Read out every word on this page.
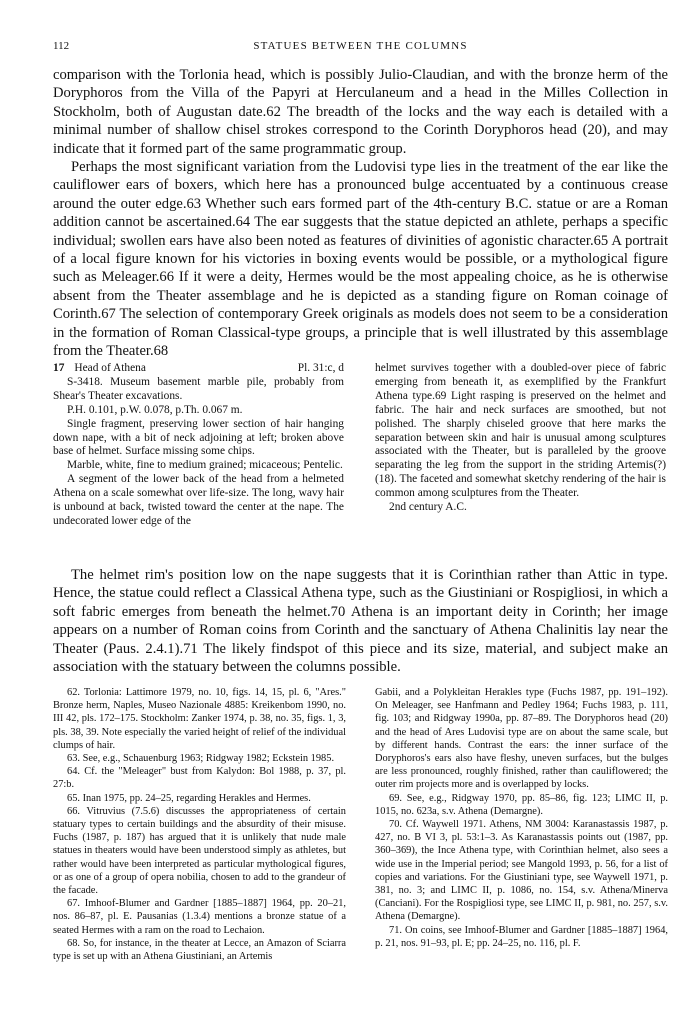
112	STATUES BETWEEN THE COLUMNS

comparison with the Torlonia head, which is possibly Julio-Claudian, and with the bronze herm of the Doryphoros from the Villa of the Papyri at Herculaneum and a head in the Milles Collection in Stockholm, both of Augustan date.62 The breadth of the locks and the way each is detailed with a minimal number of shallow chisel strokes correspond to the Corinth Doryphoros head (20), and may indicate that it formed part of the same programmatic group.

Perhaps the most significant variation from the Ludovisi type lies in the treatment of the ear like the cauliflower ears of boxers, which here has a pronounced bulge accentuated by a continuous crease around the outer edge.63 Whether such ears formed part of the 4th-century B.C. statue or are a Roman addition cannot be ascertained.64 The ear suggests that the statue depicted an athlete, perhaps a specific individual; swollen ears have also been noted as features of divinities of agonistic character.65 A portrait of a local figure known for his victories in boxing events would be possible, or a mythological figure such as Meleager.66 If it were a deity, Hermes would be the most appealing choice, as he is otherwise absent from the Theater assemblage and he is depicted as a standing figure on Roman coinage of Corinth.67 The selection of contemporary Greek originals as models does not seem to be a consideration in the formation of Roman Classical-type groups, a principle that is well illustrated by this assemblage from the Theater.68

17 Head of Athena	Pl. 31:c, d

S-3418. Museum basement marble pile, probably from Shear's Theater excavations.

P.H. 0.101, p.W. 0.078, p.Th. 0.067 m.

Single fragment, preserving lower section of hair hanging down nape, with a bit of neck adjoining at left; broken above base of helmet. Surface missing some chips.

Marble, white, fine to medium grained; micaceous; Pentelic.

A segment of the lower back of the head from a helmeted Athena on a scale somewhat over life-size. The long, wavy hair is unbound at back, twisted toward the center at the nape. The undecorated lower edge of the

helmet survives together with a doubled-over piece of fabric emerging from beneath it, as exemplified by the Frankfurt Athena type.69 Light rasping is preserved on the helmet and fabric. The hair and neck surfaces are smoothed, but not polished. The sharply chiseled groove that here marks the separation between skin and hair is unusual among sculptures associated with the Theater, but is paralleled by the groove separating the leg from the support in the striding Artemis(?) (18). The faceted and somewhat sketchy rendering of the hair is common among sculptures from the Theater.

2nd century A.C.

The helmet rim's position low on the nape suggests that it is Corinthian rather than Attic in type. Hence, the statue could reflect a Classical Athena type, such as the Giustiniani or Rospigliosi, in which a soft fabric emerges from beneath the helmet.70 Athena is an important deity in Corinth; her image appears on a number of Roman coins from Corinth and the sanctuary of Athena Chalinitis lay near the Theater (Paus. 2.4.1).71 The likely findspot of this piece and its size, material, and subject make an association with the statuary between the columns possible.

62. Torlonia: Lattimore 1979, no. 10, figs. 14, 15, pl. 6, "Ares." Bronze herm, Naples, Museo Nazionale 4885: Kreikenbom 1990, no. III 42, pls. 172–175. Stockholm: Zanker 1974, p. 38, no. 35, figs. 1, 3, pls. 38, 39. Note especially the varied height of relief of the individual clumps of hair.

63. See, e.g., Schauenburg 1963; Ridgway 1982; Eckstein 1985.

64. Cf. the "Meleager" bust from Kalydon: Bol 1988, p. 37, pl. 27:b.

65. Inan 1975, pp. 24–25, regarding Herakles and Hermes.

66. Vitruvius (7.5.6) discusses the appropriateness of certain statuary types to certain buildings and the absurdity of their misuse. Fuchs (1987, p. 187) has argued that it is unlikely that nude male statues in theaters would have been understood simply as athletes, but rather would have been interpreted as particular mythological figures, or as one of a group of opera nobilia, chosen to add to the grandeur of the facade.

67. Imhoof-Blumer and Gardner [1885–1887] 1964, pp. 20–21, nos. 86–87, pl. E. Pausanias (1.3.4) mentions a bronze statue of a seated Hermes with a ram on the road to Lechaion.

68. So, for instance, in the theater at Lecce, an Amazon of Sciarra type is set up with an Athena Giustiniani, an Artemis

Gabii, and a Polykleitan Herakles type (Fuchs 1987, pp. 191–192). On Meleager, see Hanfmann and Pedley 1964; Fuchs 1983, p. 111, fig. 103; and Ridgway 1990a, pp. 87–89. The Doryphoros head (20) and the head of Ares Ludovisi type are on about the same scale, but by different hands. Contrast the ears: the inner surface of the Doryphoros's ears also have fleshy, uneven surfaces, but the bulges are less pronounced, roughly finished, rather than cauliflowered; the outer rim projects more and is overlapped by locks.

69. See, e.g., Ridgway 1970, pp. 85–86, fig. 123; LIMC II, p. 1015, no. 623a, s.v. Athena (Demargne).

70. Cf. Waywell 1971. Athens, NM 3004: Karanastassis 1987, p. 427, no. B VI 3, pl. 53:1–3. As Karanastassis points out (1987, pp. 360–369), the Ince Athena type, with Corinthian helmet, also sees a wide use in the Imperial period; see Mangold 1993, p. 56, for a list of copies and variations. For the Giustiniani type, see Waywell 1971, p. 381, no. 3; and LIMC II, p. 1086, no. 154, s.v. Athena/Minerva (Canciani). For the Rospigliosi type, see LIMC II, p. 981, no. 257, s.v. Athena (Demargne).

71. On coins, see Imhoof-Blumer and Gardner [1885–1887] 1964, p. 21, nos. 91–93, pl. E; pp. 24–25, no. 116, pl. F.
